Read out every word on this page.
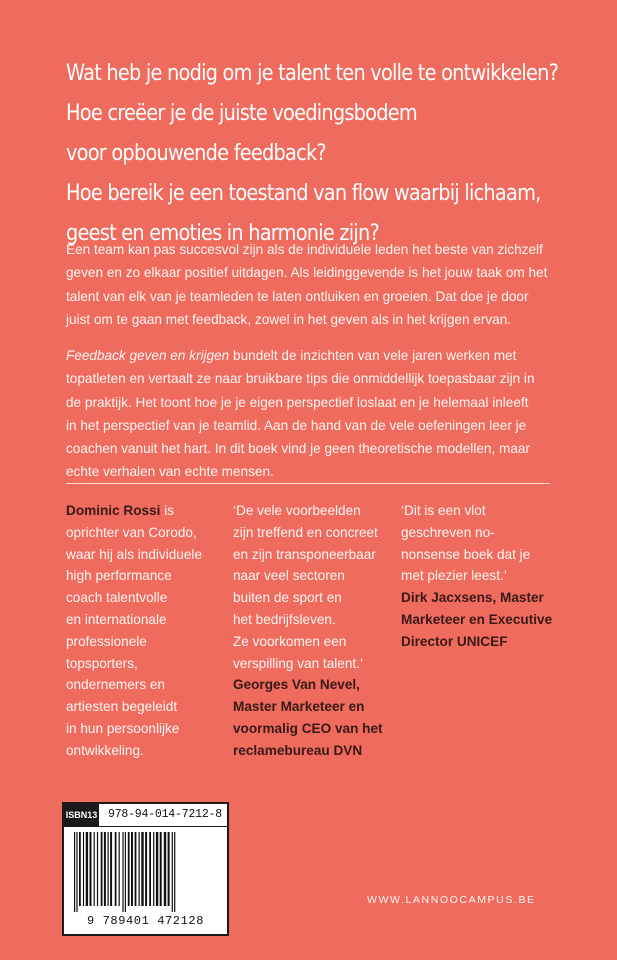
Wat heb je nodig om je talent ten volle te ontwikkelen?
Hoe creëer je de juiste voedingsbodem
voor opbouwende feedback?
Hoe bereik je een toestand van flow waarbij lichaam,
geest en emoties in harmonie zijn?
Een team kan pas succesvol zijn als de individuele leden het beste van zichzelf
geven en zo elkaar positief uitdagen. Als leidinggevende is het jouw taak om het
talent van elk van je teamleden te laten ontluiken en groeien. Dat doe je door
juist om te gaan met feedback, zowel in het geven als in het krijgen ervan.
Feedback geven en krijgen bundelt de inzichten van vele jaren werken met
topatleten en vertaalt ze naar bruikbare tips die onmiddellijk toepasbaar zijn in
de praktijk. Het toont hoe je je eigen perspectief loslaat en je helemaal inleeft
in het perspectief van je teamlid. Aan de hand van de vele oefeningen leer je
coachen vanuit het hart. In dit boek vind je geen theoretische modellen, maar
echte verhalen van echte mensen.
Dominic Rossi is
oprichter van Corodo,
waar hij als individuele
high performance
coach talentvolle
en internationale
professionele
topsporters,
ondernemers en
artiesten begeleidt
in hun persoonlijke
ontwikkeling.
‘De vele voorbeelden
zijn treffend en concreet
en zijn transponeerbaar
naar veel sectoren
buiten de sport en
het bedrijfsleven.
Ze voorkomen een
verspilling van talent.’
Georges Van Nevel,
Master Marketeer en
voormalig CEO van het
reclamebureau DVN
‘Dit is een vlot
geschreven no-
nonsense boek dat je
met plezier leest.’
Dirk Jacxsens, Master
Marketeer en Executive
Director UNICEF
ISBN13 978-94-014-7212-8
9 789401 472128
WWW.LANNOOCAMPUS.BE
